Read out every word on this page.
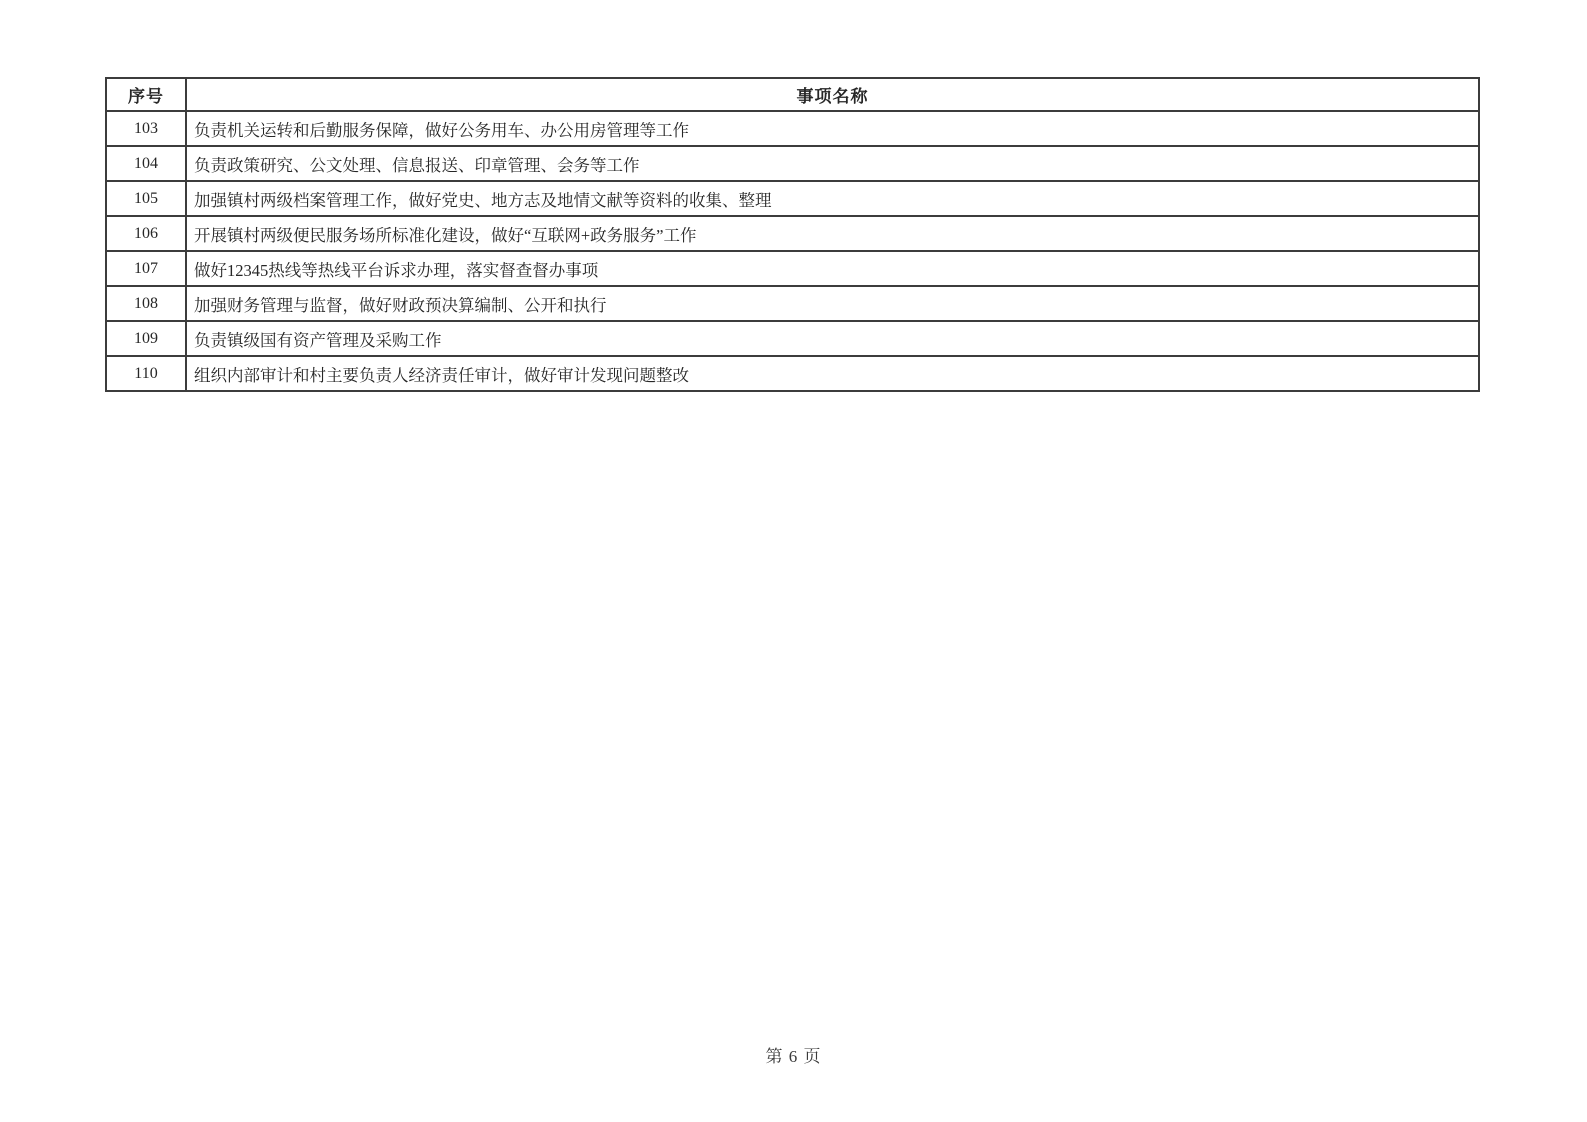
序号	事项名称
103	负责机关运转和后勤服务保障，做好公务用车、办公用房管理等工作
104	负责政策研究、公文处理、信息报送、印章管理、会务等工作
105	加强镇村两级档案管理工作，做好党史、地方志及地情文献等资料的收集、整理
106	开展镇村两级便民服务场所标准化建设，做好“互联网+政务服务”工作
107	做好12345热线等热线平台诉求办理，落实督查督办事项
108	加强财务管理与监督，做好财政预决算编制、公开和执行
109	负责镇级国有资产管理及采购工作
110	组织内部审计和村主要负责人经济责任审计，做好审计发现问题整改
第 6 页
